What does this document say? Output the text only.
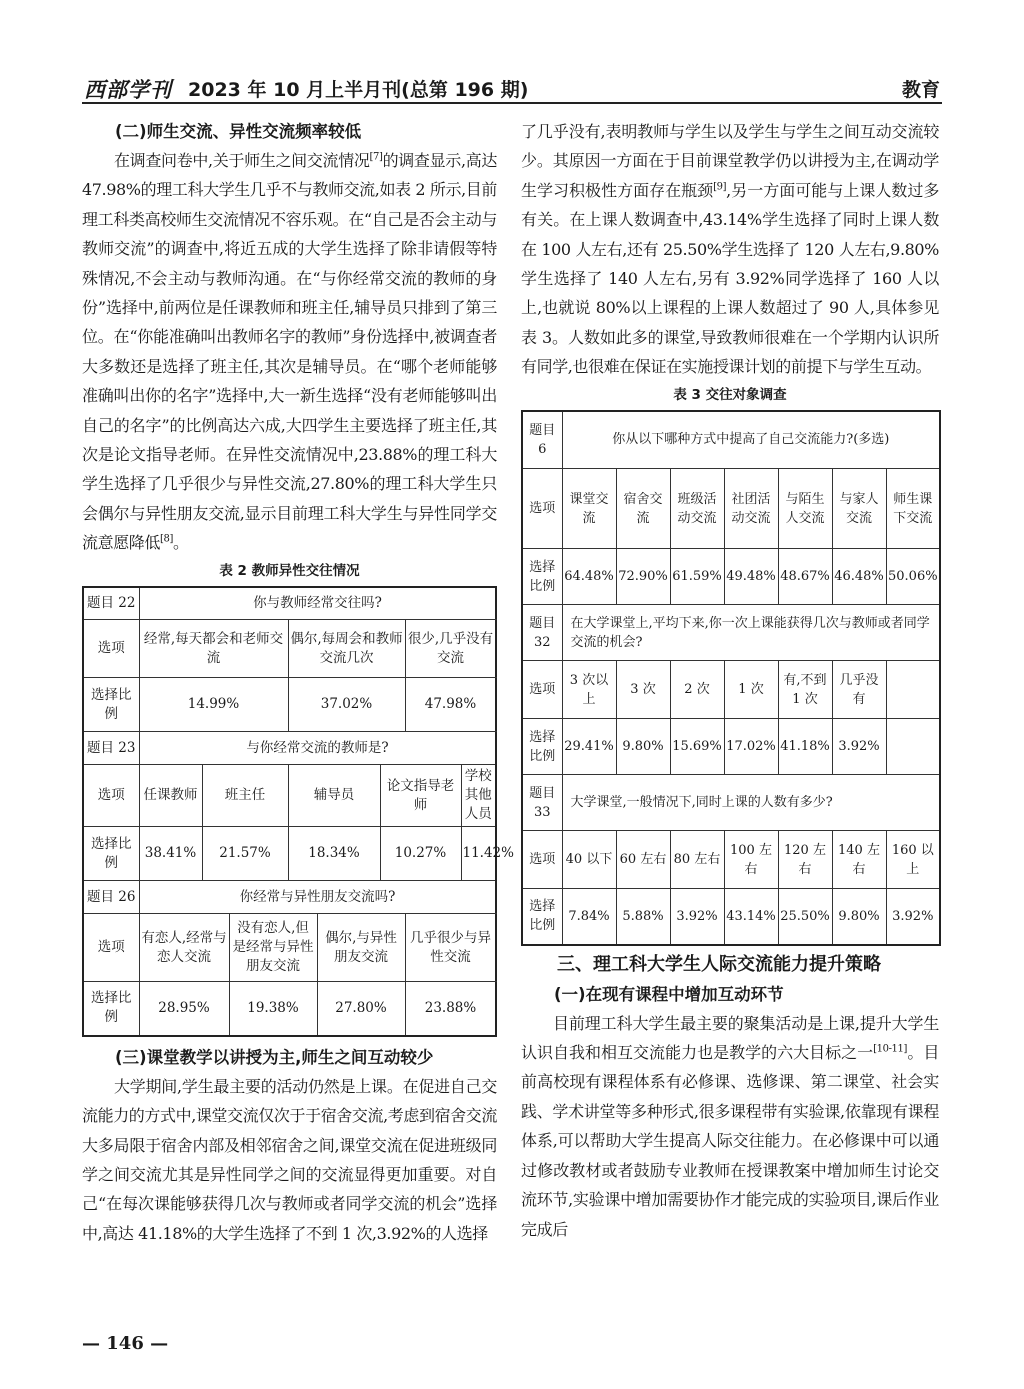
西部学刊 2023 年 10 月上半月刊(总第 196 期)	教育

(二)师生交流、异性交流频率较低

在调查问卷中,关于师生之间交流情况[7]的调查显示,高达 47.98%的理工科大学生几乎不与教师交流,如表 2 所示,目前理工科类高校师生交流情况不容乐观。在“自己是否会主动与教师交流”的调查中,将近五成的大学生选择了除非请假等特殊情况,不会主动与教师沟通。在“与你经常交流的教师的身份”选择中,前两位是任课教师和班主任,辅导员只排到了第三位。在“你能准确叫出教师名字的教师”身份选择中,被调查者大多数还是选择了班主任,其次是辅导员。在“哪个老师能够准确叫出你的名字”选择中,大一新生选择“没有老师能够叫出自己的名字”的比例高达六成,大四学生主要选择了班主任,其次是论文指导老师。在异性交流情况中,23.88%的理工科大学生选择了几乎很少与异性交流,27.80%的理工科大学生只会偶尔与异性朋友交流,显示目前理工科大学生与异性同学交流意愿降低[8]。

表 2 教师异性交往情况

题目 22	你与教师经常交往吗?							
选项	经常,每天都会和老师交流			偶尔,每周会和教师交流几次			很少,几乎没有交流	
选择比例	14.99%			37.02%			47.98%	
题目 23	与你经常交流的教师是?							
选项	任课教师	班主任		辅导员		论文指导老师		学校其他人员
选择比例	38.41%	21.57%		18.34%		10.27%		11.42%
题目 26	你经常与异性朋友交流吗?							
选项	有恋人,经常与恋人交流		没有恋人,但是经常与异性朋友交流		偶尔,与异性朋友交流		几乎很少与异性交流	
选择比例	28.95%		19.38%		27.80%		23.88%	

(三)课堂教学以讲授为主,师生之间互动较少

大学期间,学生最主要的活动仍然是上课。在促进自己交流能力的方式中,课堂交流仅次于于宿舍交流,考虑到宿舍交流大多局限于宿舍内部及相邻宿舍之间,课堂交流在促进班级同学之间交流尤其是异性同学之间的交流显得更加重要。对自己“在每次课能够获得几次与教师或者同学交流的机会”选择中,高达 41.18%的大学生选择了不到 1 次,3.92%的人选择

了几乎没有,表明教师与学生以及学生与学生之间互动交流较少。其原因一方面在于目前课堂教学仍以讲授为主,在调动学生学习积极性方面存在瓶颈[9],另一方面可能与上课人数过多有关。在上课人数调查中,43.14%学生选择了同时上课人数在 100 人左右,还有 25.50%学生选择了 120 人左右,9.80%学生选择了 140 人左右,另有 3.92%同学选择了 160 人以上,也就说 80%以上课程的上课人数超过了 90 人,具体参见表 3。人数如此多的课堂,导致教师很难在一个学期内认识所有同学,也很难在保证在实施授课计划的前提下与学生互动。

表 3 交往对象调查

题目 6	你从以下哪种方式中提高了自己交流能力?(多选)						
选项	课堂交流	宿舍交流	班级活动交流	社团活动交流	与陌生人交流	与家人交流	师生课下交流
选择比例	64.48%	72.90%	61.59%	49.48%	48.67%	46.48%	50.06%
题目 32	在大学课堂上,平均下来,你一次上课能获得几次与教师或者同学交流的机会?						
选项	3 次以上	3 次	2 次	1 次	有,不到 1 次	几乎没有	
选择比例	29.41%	9.80%	15.69%	17.02%	41.18%	3.92%	
题目 33	大学课堂,一般情况下,同时上课的人数有多少?						
选项	40 以下	60 左右	80 左右	100 左右	120 左右	140 左右	160 以上
选择比例	7.84%	5.88%	3.92%	43.14%	25.50%	9.80%	3.92%

三、理工科大学生人际交流能力提升策略

(一)在现有课程中增加互动环节

目前理工科大学生最主要的聚集活动是上课,提升大学生认识自我和相互交流能力也是教学的六大目标之一[10-11]。目前高校现有课程体系有必修课、选修课、第二课堂、社会实践、学术讲堂等多种形式,很多课程带有实验课,依靠现有课程体系,可以帮助大学生提高人际交往能力。在必修课中可以通过修改教材或者鼓励专业教师在授课教案中增加师生讨论交流环节,实验课中增加需要协作才能完成的实验项目,课后作业完成后

— 146 —
